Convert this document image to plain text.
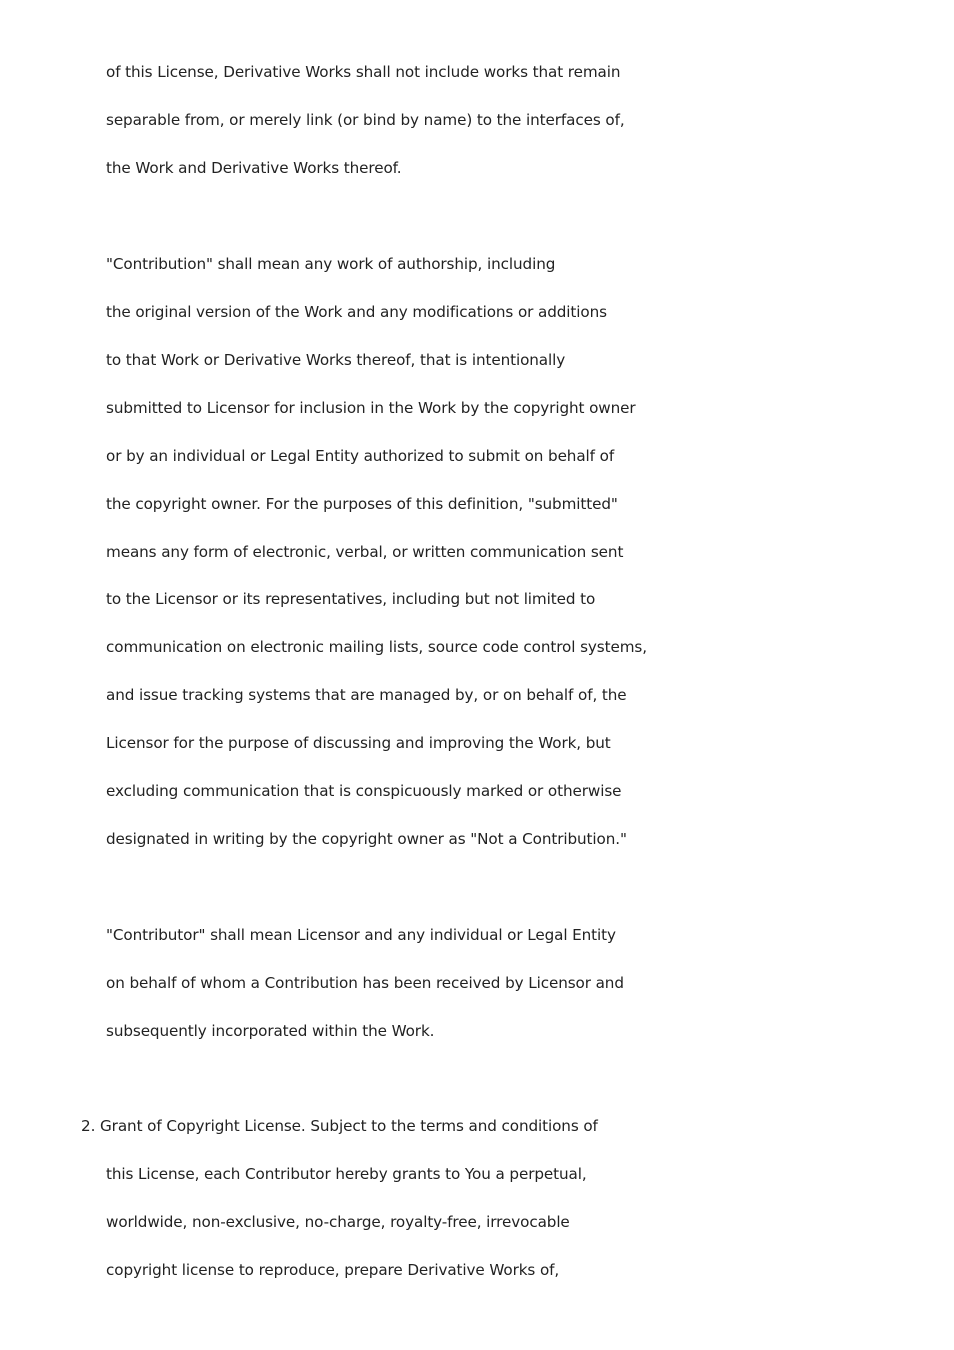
of this License, Derivative Works shall not include works that remain
separable from, or merely link (or bind by name) to the interfaces of,
the Work and Derivative Works thereof.
"Contribution" shall mean any work of authorship, including
the original version of the Work and any modifications or additions
to that Work or Derivative Works thereof, that is intentionally
submitted to Licensor for inclusion in the Work by the copyright owner
or by an individual or Legal Entity authorized to submit on behalf of
the copyright owner. For the purposes of this definition, "submitted"
means any form of electronic, verbal, or written communication sent
to the Licensor or its representatives, including but not limited to
communication on electronic mailing lists, source code control systems,
and issue tracking systems that are managed by, or on behalf of, the
Licensor for the purpose of discussing and improving the Work, but
excluding communication that is conspicuously marked or otherwise
designated in writing by the copyright owner as "Not a Contribution."
"Contributor" shall mean Licensor and any individual or Legal Entity
on behalf of whom a Contribution has been received by Licensor and
subsequently incorporated within the Work.
2. Grant of Copyright License. Subject to the terms and conditions of
this License, each Contributor hereby grants to You a perpetual,
worldwide, non-exclusive, no-charge, royalty-free, irrevocable
copyright license to reproduce, prepare Derivative Works of,
